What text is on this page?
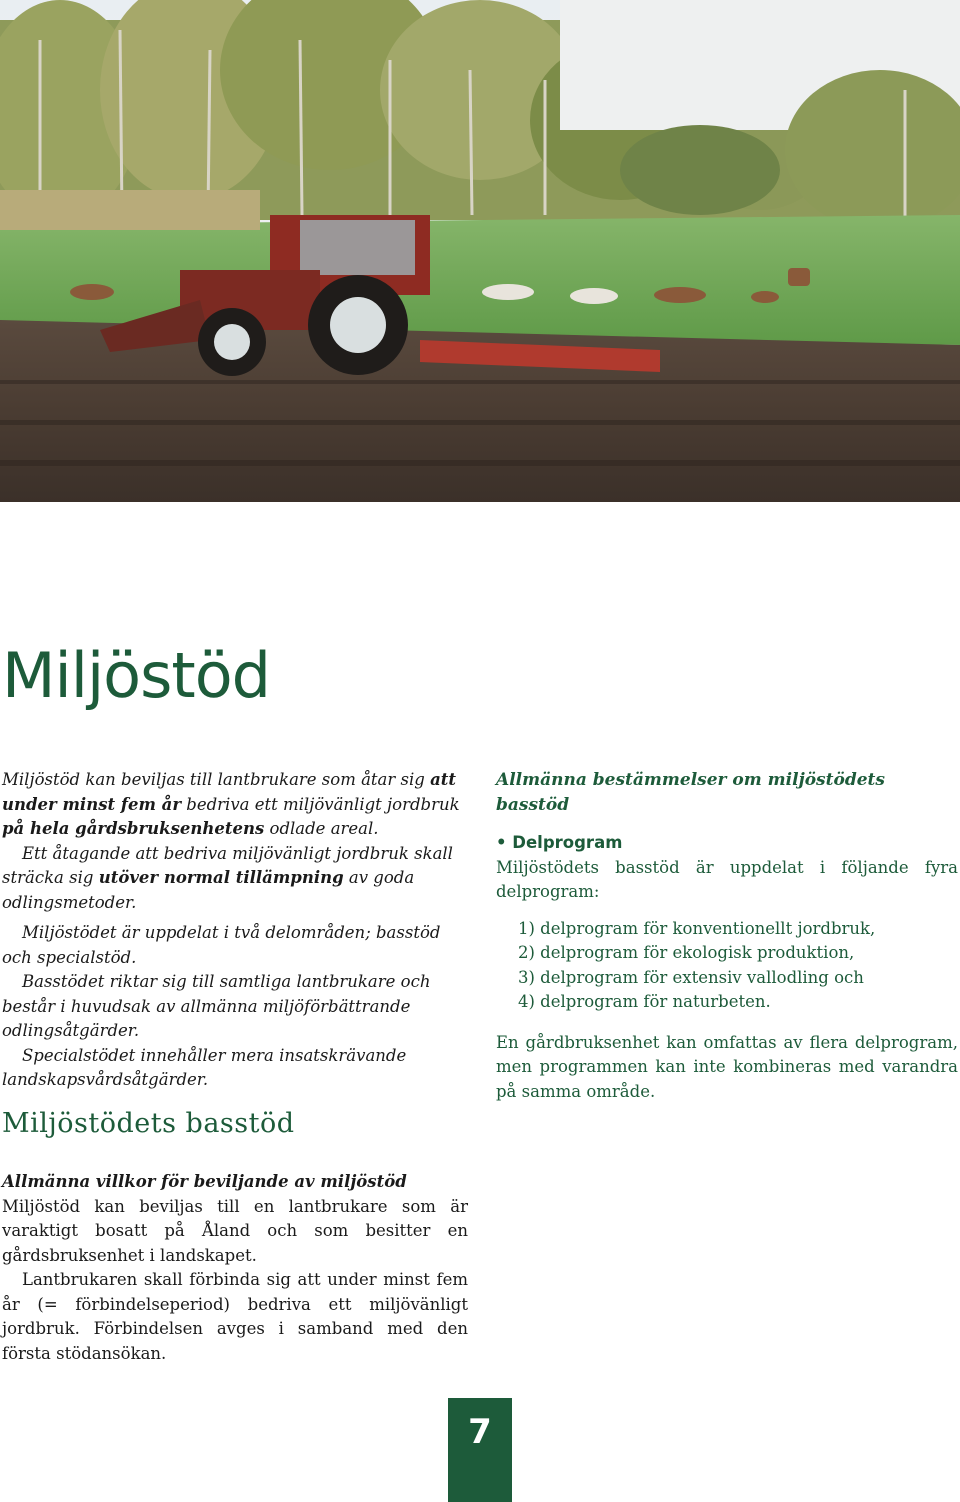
Miljöstöd

Miljöstöd kan beviljas till lantbrukare som åtar sig att under minst fem år bedriva ett miljövänligt jordbruk på hela gårdsbruksenhetens odlade areal.

Ett åtagande att bedriva miljövänligt jordbruk skall sträcka sig utöver normal tillämpning av goda odlingsmetoder.

Miljöstödet är uppdelat i två delområden; basstöd och specialstöd.

Basstödet riktar sig till samtliga lantbrukare och består i huvudsak av allmänna miljöförbättrande odlingsåtgärder.

Specialstödet innehåller mera insatskrävande landskapsvårdsåtgärder.

Miljöstödets basstöd
Allmänna villkor för beviljande av miljöstöd

Miljöstöd kan beviljas till en lantbrukare som är varaktigt bosatt på Åland och som besitter en gårdsbruksenhet i landskapet.

Lantbrukaren skall förbinda sig att under minst fem år (= förbindelseperiod) bedriva ett miljövänligt jordbruk. Förbindelsen avges i samband med den första stödansökan.

Allmänna bestämmelser om miljöstödets basstöd
• Delprogram

Miljöstödets basstöd är uppdelat i följande fyra delprogram:

1) delprogram för konventionellt jordbruk,
2) delprogram för ekologisk produktion,
3) delprogram för extensiv vallodling och
4) delprogram för naturbeten.

En gårdbruksenhet kan omfattas av flera delprogram, men programmen kan inte kombineras med varandra på samma område.

7
